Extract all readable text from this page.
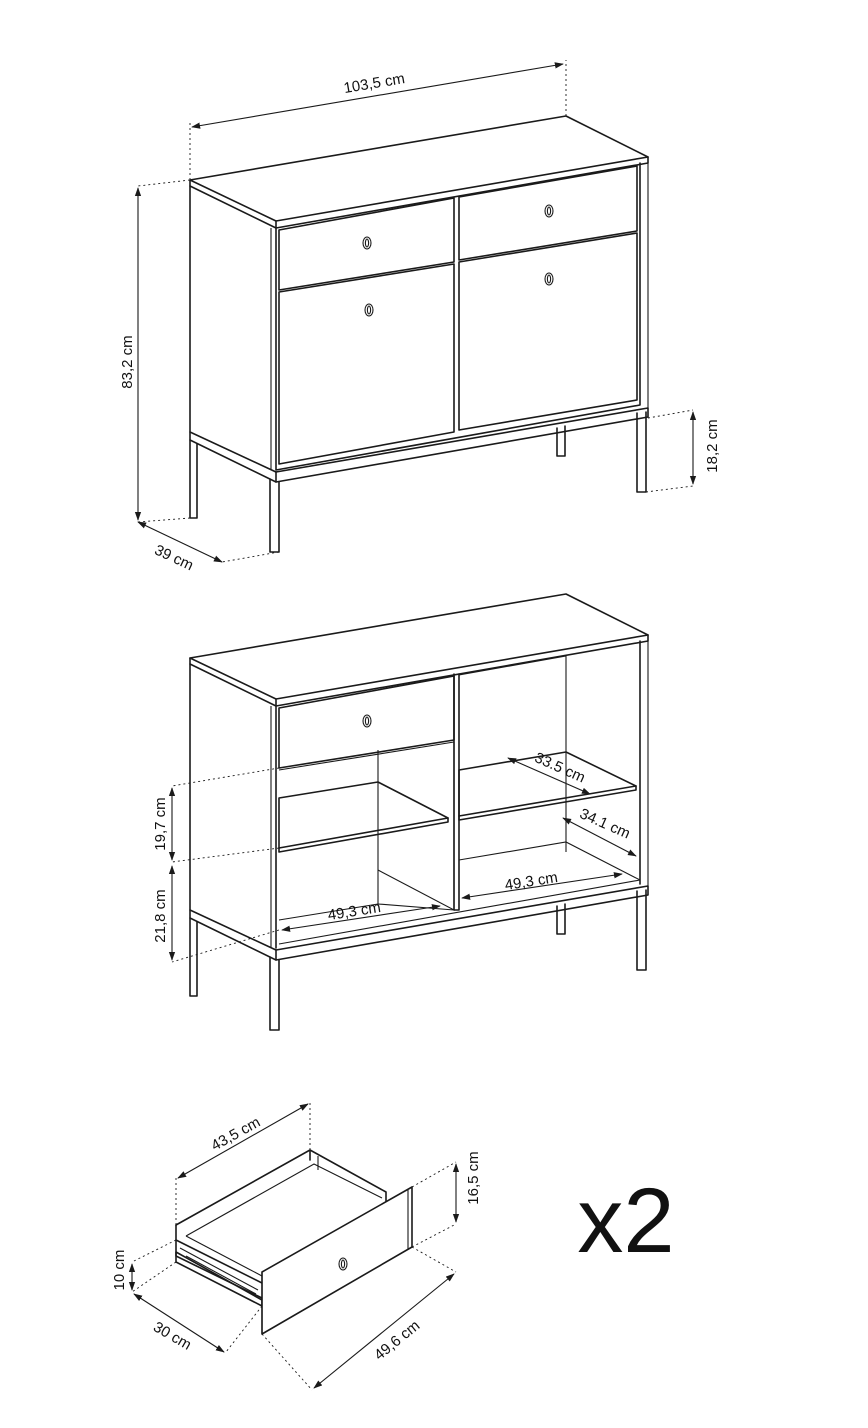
103,5 cm
83,2 cm
18,2 cm
39 cm
19,7 cm
21,8 cm
33.5 cm
34.1 cm
49,3 cm
49,3 cm
43,5 cm
16,5 cm
10 cm
30 cm	49,6 cm
x2
